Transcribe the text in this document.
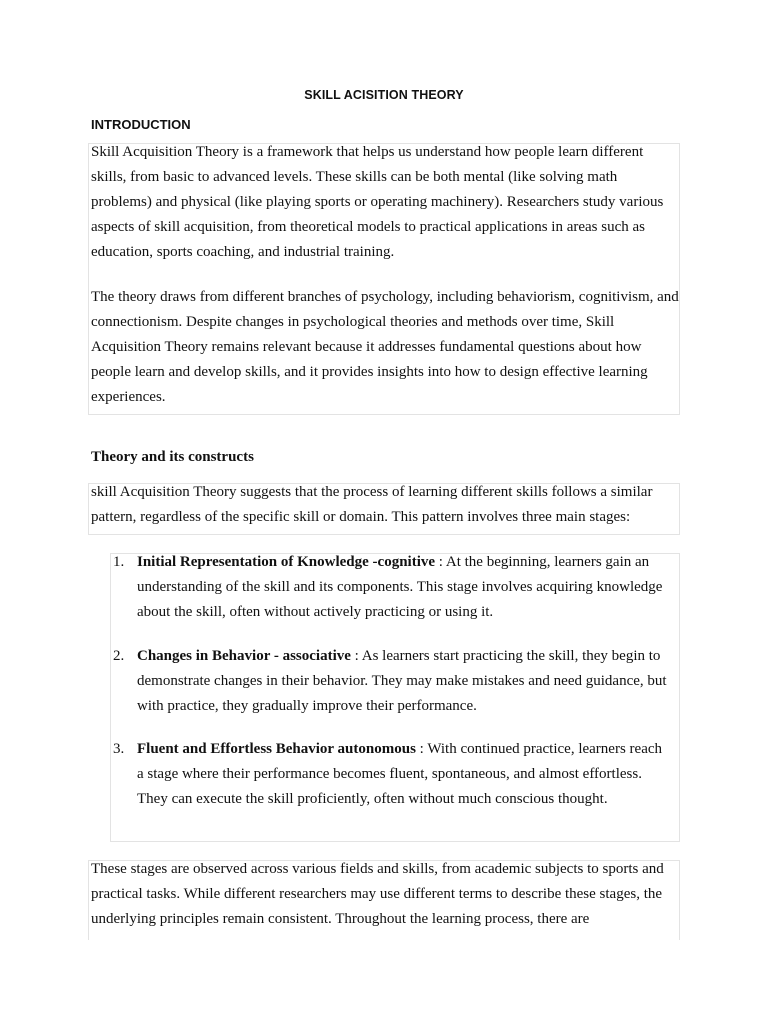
SKILL ACISITION THEORY
INTRODUCTION

Skill Acquisition Theory is a framework that helps us understand how people learn different skills, from basic to advanced levels. These skills can be both mental (like solving math problems) and physical (like playing sports or operating machinery). Researchers study various aspects of skill acquisition, from theoretical models to practical applications in areas such as education, sports coaching, and industrial training.

The theory draws from different branches of psychology, including behaviorism, cognitivism, and connectionism. Despite changes in psychological theories and methods over time, Skill Acquisition Theory remains relevant because it addresses fundamental questions about how people learn and develop skills, and it provides insights into how to design effective learning experiences.

Theory and its constructs

skill Acquisition Theory suggests that the process of learning different skills follows a similar pattern, regardless of the specific skill or domain. This pattern involves three main stages:

1. Initial Representation of Knowledge -cognitive : At the beginning, learners gain an understanding of the skill and its components. This stage involves acquiring knowledge about the skill, often without actively practicing or using it.
2. Changes in Behavior - associative : As learners start practicing the skill, they begin to demonstrate changes in their behavior. They may make mistakes and need guidance, but with practice, they gradually improve their performance.
3. Fluent and Effortless Behavior autonomous : With continued practice, learners reach a stage where their performance becomes fluent, spontaneous, and almost effortless. They can execute the skill proficiently, often without much conscious thought.

These stages are observed across various fields and skills, from academic subjects to sports and practical tasks. While different researchers may use different terms to describe these stages, the underlying principles remain consistent. Throughout the learning process, there are
